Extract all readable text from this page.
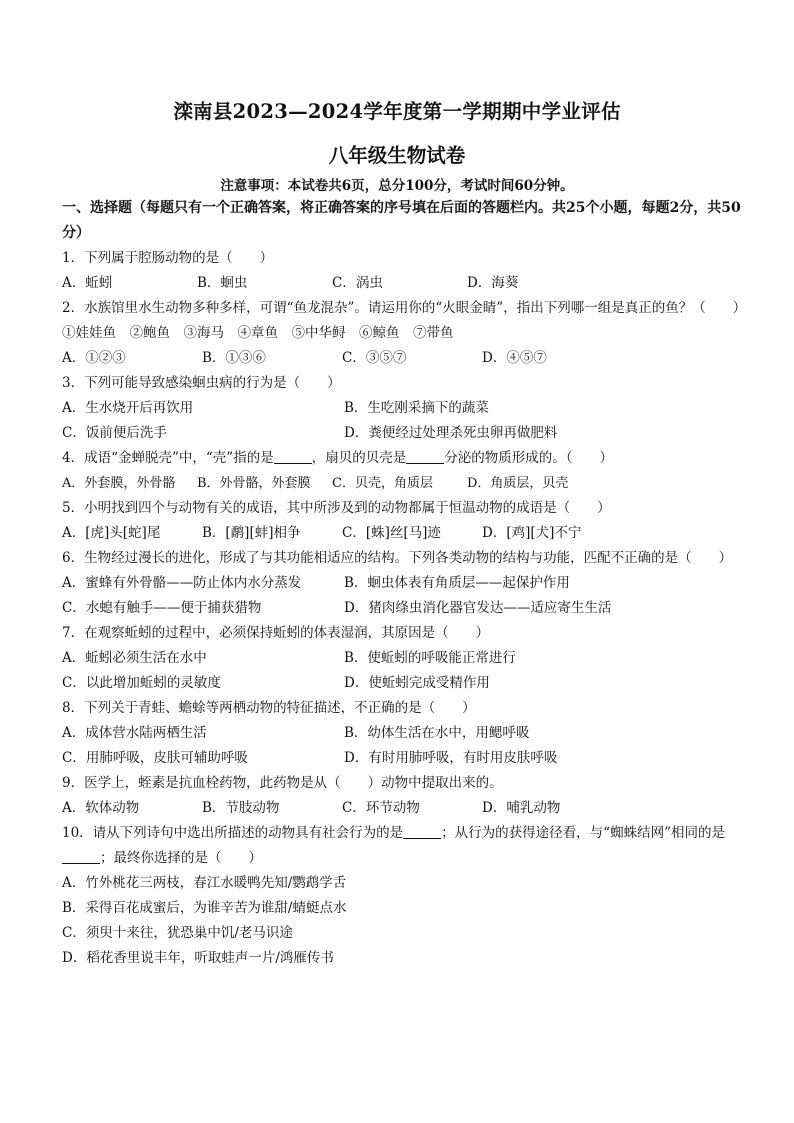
滦南县2023—2024学年度第一学期期中学业评估
八年级生物试卷
注意事项：本试卷共6页，总分100分，考试时间60分钟。

一、选择题（每题只有一个正确答案，将正确答案的序号填在后面的答题栏内。共25个小题，每题2分，共50分）

1．下列属于腔肠动物的是（　　）

A．蚯蚓	B．蛔虫	C．涡虫	D．海葵

2．水族馆里水生动物多种多样，可谓“鱼龙混杂”。请运用你的“火眼金睛”，指出下列哪一组是真正的鱼？（　　）

①娃娃鱼　②鲍鱼　③海马　④章鱼　⑤中华鲟　⑥鲸鱼　⑦带鱼

A．①②③	B．①③⑥	C．③⑤⑦	D．④⑤⑦

3．下列可能导致感染蛔虫病的行为是（　　）

A．生水烧开后再饮用	B．生吃刚采摘下的蔬菜
C．饭前便后洗手	D．粪便经过处理杀死虫卵再做肥料

4．成语“金蝉脱壳”中，“壳”指的是	，扇贝的贝壳是	分泌的物质形成的。（　　）

A．外套膜，外骨骼	B．外骨骼，外套膜	C．贝壳，角质层	D．角质层，贝壳

5．小明找到四个与动物有关的成语，其中所涉及到的动物都属于恒温动物的成语是（　　）

A．[虎]头[蛇]尾	B．[鹬][蚌]相争	C．[蛛]丝[马]迹	D．[鸡][犬]不宁

6．生物经过漫长的进化，形成了与其功能相适应的结构。下列各类动物的结构与功能，匹配不正确的是（　　）

A．蜜蜂有外骨骼——防止体内水分蒸发	B．蛔虫体表有角质层——起保护作用
C．水螅有触手——便于捕获猎物	D．猪肉绦虫消化器官发达——适应寄生生活

7．在观察蚯蚓的过程中，必须保持蚯蚓的体表湿润，其原因是（　　）

A．蚯蚓必须生活在水中	B．使蚯蚓的呼吸能正常进行
C．以此增加蚯蚓的灵敏度	D．使蚯蚓完成受精作用

8．下列关于青蛙、蟾蜍等两栖动物的特征描述，不正确的是（　　）

A．成体营水陆两栖生活	B．幼体生活在水中，用鳃呼吸
C．用肺呼吸，皮肤可辅助呼吸	D．有时用肺呼吸，有时用皮肤呼吸

9．医学上，蛭素是抗血栓药物，此药物是从（　　）动物中提取出来的。

A．软体动物	B．节肢动物	C．环节动物	D．哺乳动物

10．请从下列诗句中选出所描述的动物具有社会行为的是	；从行为的获得途径看，与“蜘蛛结网”相同的是；最终你选择的是（　　）

A．竹外桃花三两枝，春江水暖鸭先知/鹦鹉学舌

B．采得百花成蜜后，为谁辛苦为谁甜/蜻蜓点水

C．须臾十来往，犹恐巢中饥/老马识途

D．稻花香里说丰年，听取蛙声一片/鸿雁传书
